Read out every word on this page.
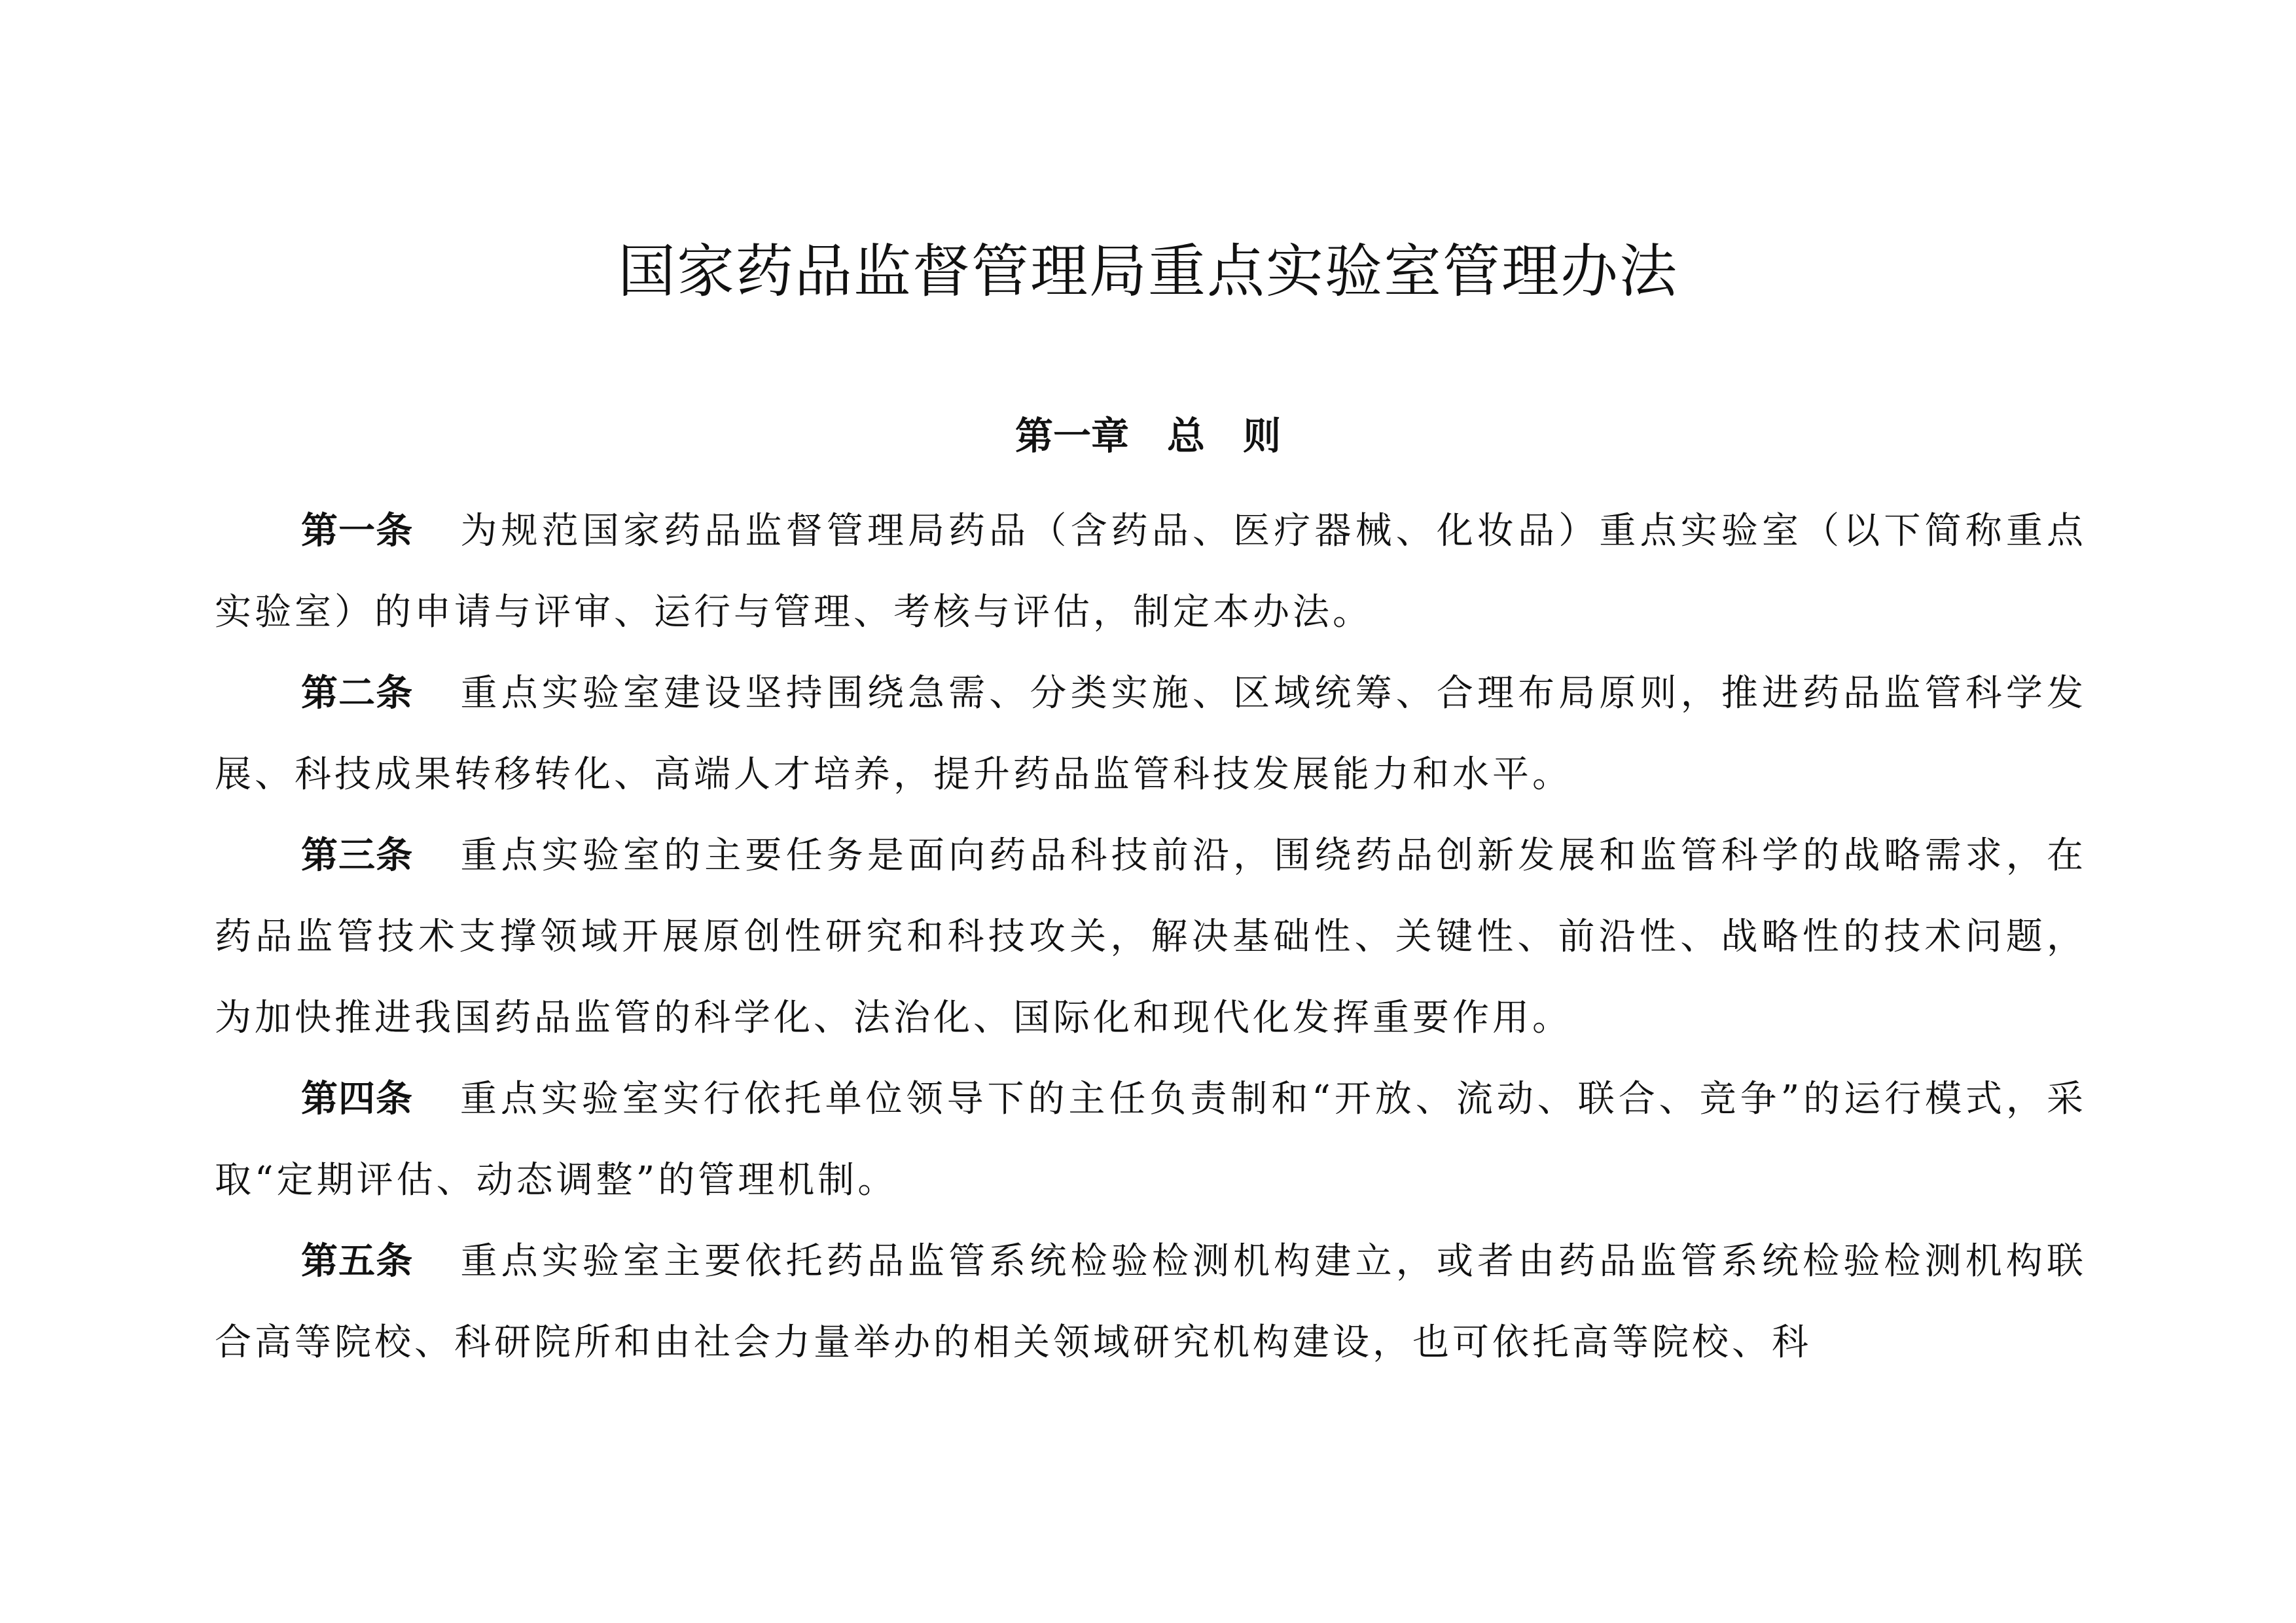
国家药品监督管理局重点实验室管理办法
第一章　总　则

第一条 为规范国家药品监督管理局药品（含药品、医疗器械、化妆品）重点实验室（以下简称重点实验室）的申请与评审、运行与管理、考核与评估，制定本办法。

第二条 重点实验室建设坚持围绕急需、分类实施、区域统筹、合理布局原则，推进药品监管科学发展、科技成果转移转化、高端人才培养，提升药品监管科技发展能力和水平。

第三条 重点实验室的主要任务是面向药品科技前沿，围绕药品创新发展和监管科学的战略需求，在药品监管技术支撑领域开展原创性研究和科技攻关，解决基础性、关键性、前沿性、战略性的技术问题，为加快推进我国药品监管的科学化、法治化、国际化和现代化发挥重要作用。

第四条 重点实验室实行依托单位领导下的主任负责制和“开放、流动、联合、竞争”的运行模式，采取“定期评估、动态调整”的管理机制。

第五条 重点实验室主要依托药品监管系统检验检测机构建立，或者由药品监管系统检验检测机构联合高等院校、科研院所和由社会力量举办的相关领域研究机构建设，也可依托高等院校、科
